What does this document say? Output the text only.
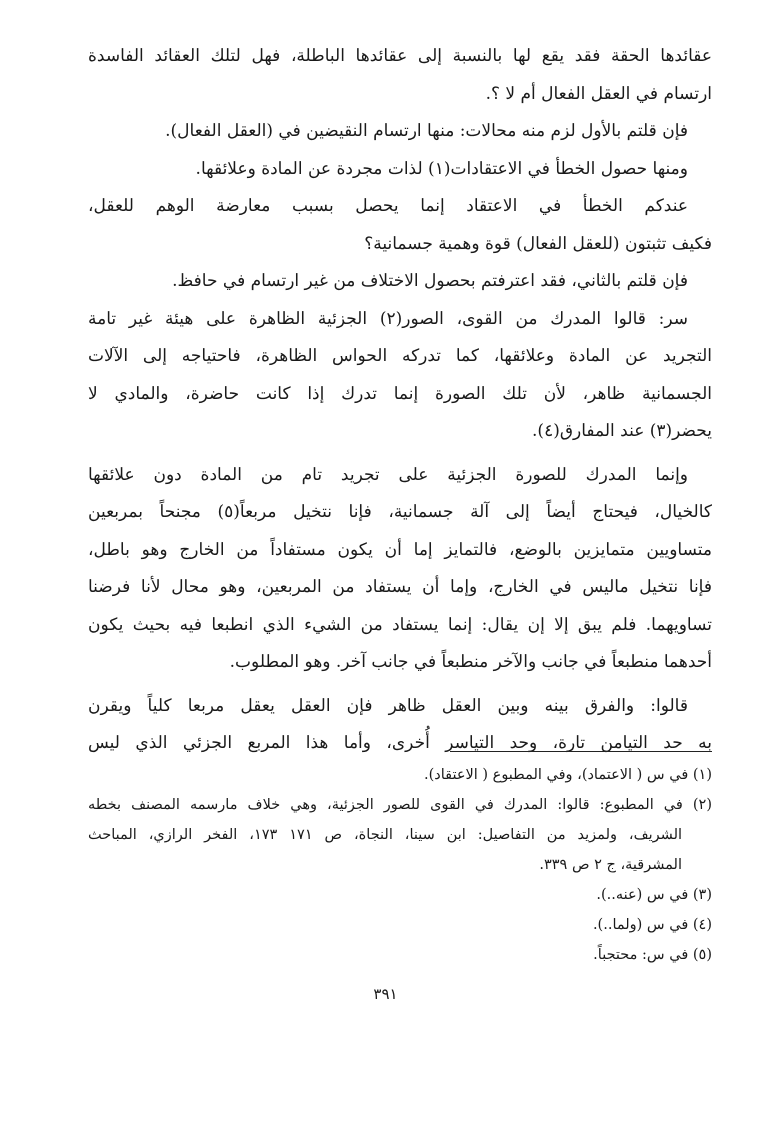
عقائدها الحقة فقد يقع لها بالنسبة إلى عقائدها الباطلة، فهل لتلك العقائد الفاسدة
ارتسام في العقل الفعال أم لا ؟.
فإن قلتم بالأول لزم منه محالات: منها ارتسام النقيضين في (العقل الفعال).
ومنها حصول الخطأ في الاعتقادات(١) لذات مجردة عن المادة وعلائقها.
عندكم الخطأ في الاعتقاد إنما يحصل بسبب معارضة الوهم للعقل،
فكيف تثبتون (للعقل الفعال) قوة وهمية جسمانية؟
فإن قلتم بالثاني، فقد اعترفتم بحصول الاختلاف من غير ارتسام في حافظ.
سر: قالوا المدرك من القوى، الصور(٢) الجزئية الظاهرة على هيئة غير تامة
التجريد عن المادة وعلائقها، كما تدركه الحواس الظاهرة، فاحتياجه إلى الآلات
الجسمانية ظاهر، لأن تلك الصورة إنما تدرك إذا كانت حاضرة، والمادي لا
يحضر(٣) عند المفارق(٤).
وإنما المدرك للصورة الجزئية على تجريد تام من المادة دون علائقها
كالخيال، فيحتاج أيضاً إلى آلة جسمانية، فإنا نتخيل مربعاً(٥) مجنحاً بمربعين
متساويين متمايزين بالوضع، فالتمايز إما أن يكون مستفاداً من الخارج وهو باطل،
فإنا نتخيل ماليس في الخارج، وإما أن يستفاد من المربعين، وهو محال لأنا فرضنا
تساويهما. فلم يبق إلا إن يقال: إنما يستفاد من الشيء الذي انطبعا فيه بحيث يكون
أحدهما منطبعاً في جانب والآخر منطبعاً في جانب آخر. وهو المطلوب.
قالوا: والفرق بينه وبين العقل ظاهر فإن العقل يعقل مربعا كلياً ويقرن
به حد التيامن تارة، وحد التياسر أُخرى، وأما هذا المربع الجزئي الذي ليس
(١) في س ( الاعتماد)، وفي المطبوع ( الاعتقاد).
(٢) في المطبوع: قالوا: المدرك في القوى للصور الجزئية، وهي خلاف مارسمه المصنف بخطه
الشريف، ولمزيد من التفاصيل: ابن سينا، النجاة، ص ١٧١ ١٧٣، الفخر الرازي، المباحث
المشرقية، ج ٢ ص ٣٣٩.
(٣) في س (عنه..).
(٤) في س (ولما..).
(٥) في س: محتجباً.
٣٩١
